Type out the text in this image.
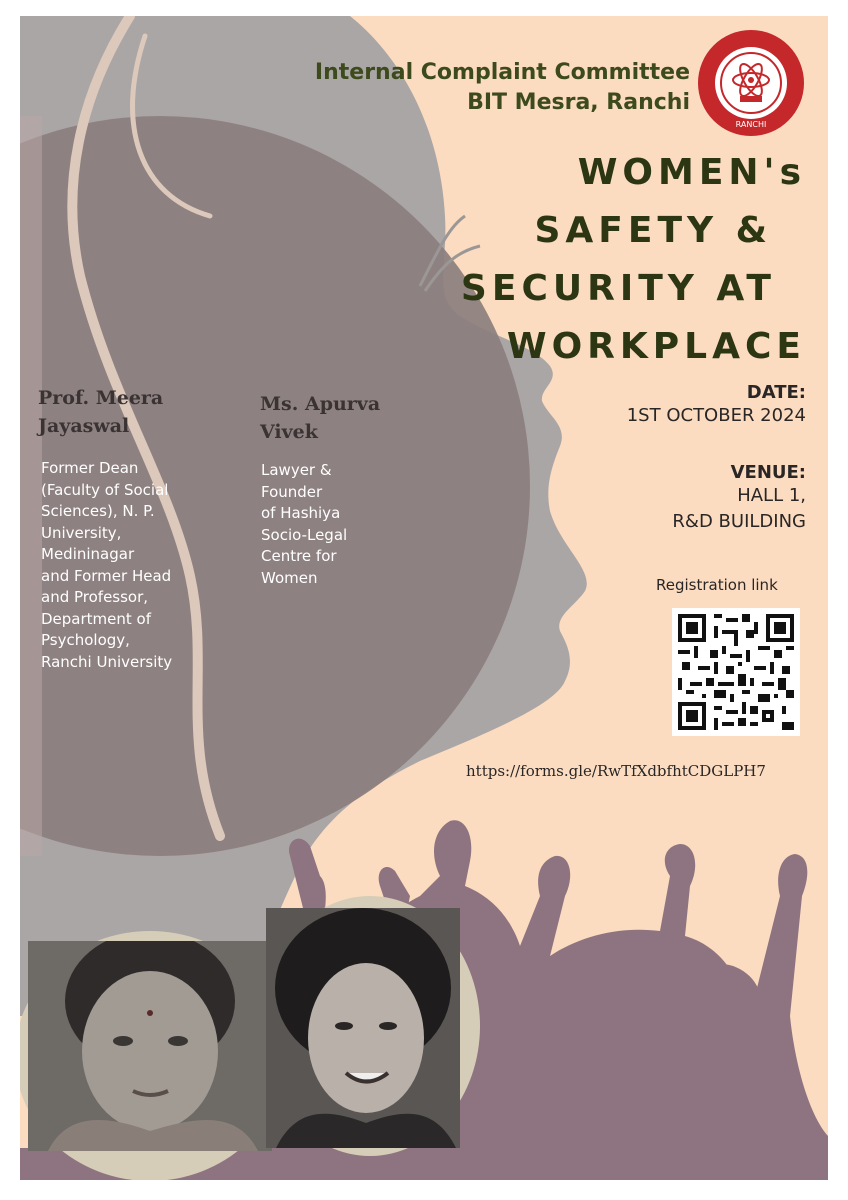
Internal Complaint Committee
BIT Mesra, Ranchi
RANCHI
WOMEN's
SAFETY &
SECURITY AT
WORKPLACE
Prof. Meera
Jayaswal
Former Dean
(Faculty of Social
Sciences), N. P.
University,
Medininagar
and Former Head
and Professor,
Department of
Psychology,
Ranchi University
Ms. Apurva
Vivek
Lawyer &
Founder
of Hashiya
Socio-Legal
Centre for
Women
DATE:
1ST OCTOBER 2024
VENUE:
HALL 1,
R&D BUILDING
Registration link
https://forms.gle/RwTfXdbfhtCDGLPH7
